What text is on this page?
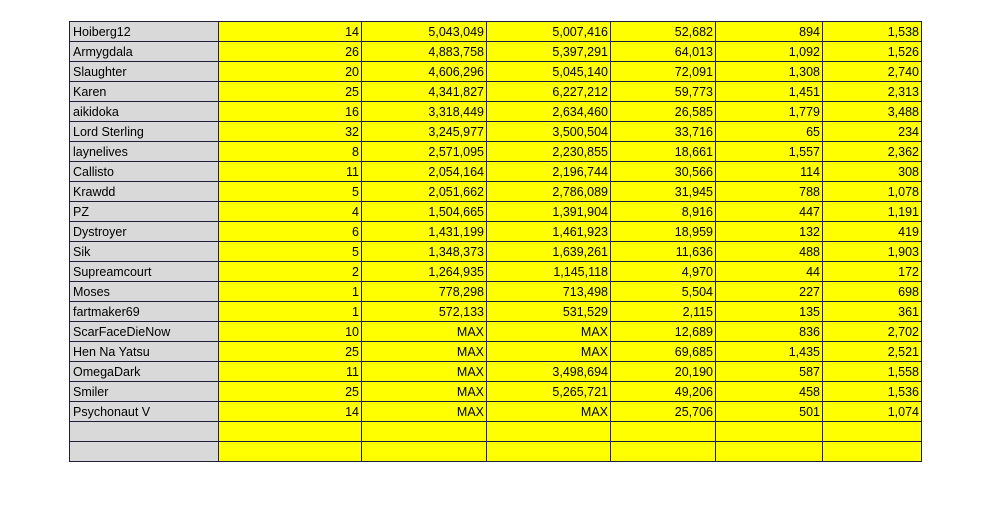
Hoiberg12	14	5,043,049	5,007,416	52,682	894	1,538
Armygdala	26	4,883,758	5,397,291	64,013	1,092	1,526
Slaughter	20	4,606,296	5,045,140	72,091	1,308	2,740
Karen	25	4,341,827	6,227,212	59,773	1,451	2,313
aikidoka	16	3,318,449	2,634,460	26,585	1,779	3,488
Lord Sterling	32	3,245,977	3,500,504	33,716	65	234
laynelives	8	2,571,095	2,230,855	18,661	1,557	2,362
Callisto	11	2,054,164	2,196,744	30,566	114	308
Krawdd	5	2,051,662	2,786,089	31,945	788	1,078
PZ	4	1,504,665	1,391,904	8,916	447	1,191
Dystroyer	6	1,431,199	1,461,923	18,959	132	419
Sik	5	1,348,373	1,639,261	11,636	488	1,903
Supreamcourt	2	1,264,935	1,145,118	4,970	44	172
Moses	1	778,298	713,498	5,504	227	698
fartmaker69	1	572,133	531,529	2,115	135	361
ScarFaceDieNow	10	MAX	MAX	12,689	836	2,702
Hen Na Yatsu	25	MAX	MAX	69,685	1,435	2,521
OmegaDark	11	MAX	3,498,694	20,190	587	1,558
Smiler	25	MAX	5,265,721	49,206	458	1,536
Psychonaut V	14	MAX	MAX	25,706	501	1,074
